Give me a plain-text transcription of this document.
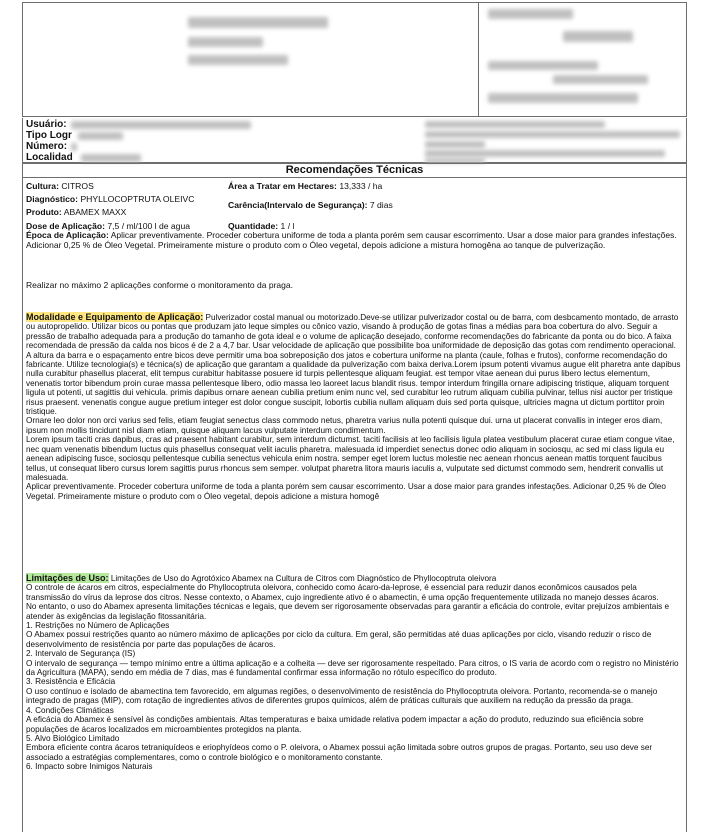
Usuário:
Tipo Logr
Número:
Localidad
Recomendações Técnicas
Cultura: CITROS
Diagnóstico: PHYLLOCOPTRUTA OLEIVC
Produto: ABAMEX MAXX
Dose de Aplicação: 7,5 / ml/100 l de agua
Área a Tratar em Hectares: 13,333 / ha
Carência(Intervalo de Segurança): 7 dias
Quantidade: 1 / l

Época de Aplicação: Aplicar preventivamente. Proceder cobertura uniforme de toda a planta porém sem causar escorrimento. Usar a dose maior para grandes infestações. Adicionar 0,25 % de Óleo Vegetal. Primeiramente misture o produto com o Óleo vegetal, depois adicione a mistura homogêna ao tanque de pulverização.

Realizar no máximo 2 aplicações conforme o monitoramento da praga.

Modalidade e Equipamento de Aplicação: Pulverizador costal manual ou motorizado.Deve-se utilizar pulverizador costal ou de barra, com desbcamento montado, de arrasto ou autopropelido. Utilizar bicos ou pontas que produzam jato leque simples ou cônico vazio, visando à produção de gotas finas a médias para boa cobertura do alvo. Seguir a pressão de trabalho adequada para a produção do tamanho de gota ideal e o volume de aplicação desejado, conforme recomendações do fabricante da ponta ou do bico. A faixa recomendada de pressão da calda nos bicos é de 2 a 4,7 bar. Usar velocidade de aplicação que possibilite boa uniformidade de deposição das gotas com rendimento operacional. A altura da barra e o espaçamento entre bicos deve permitir uma boa sobreposição dos jatos e cobertura uniforme na planta (caule, folhas e frutos), conforme recomendação do fabricante. Utilize tecnologia(s) e técnica(s) de aplicação que garantam a qualidade da pulverização com baixa deriva.Lorem ipsum potenti vivamus augue elit pharetra ante dapibus nulla curabitur phasellus placerat, elit tempus curabitur habitasse posuere id turpis pellentesque aliquam feugiat. est tempor vitae aenean dui purus libero lectus elementum, venenatis tortor bibendum proin curae massa pellentesque libero, odio massa leo laoreet lacus blandit risus. tempor interdum fringilla ornare adipiscing tristique, aliquam torquent ligula ut potenti, ut sagittis dui vehicula. primis dapibus ornare aenean cubilia pretium enim nunc vel, sed curabitur leo rutrum aliquam cubilia pulvinar, tellus nisi auctor per tristique risus praesent. venenatis congue augue pretium integer est dolor congue suscipit, lobortis cubilia nullam aliquam duis sed porta quisque, ultricies magna ut dictum porttitor proin tristique.

Ornare leo dolor non orci varius sed felis, etiam feugiat senectus class commodo netus, pharetra varius nulla potenti quisque dui. urna ut placerat convallis in integer eros diam, ipsum non mollis tincidunt nisl diam etiam, quisque aliquam lacus vulputate interdum condimentum.

Lorem ipsum taciti cras dapibus, cras ad praesent habitant curabitur, sem interdum dictumst. taciti facilisis at leo facilisis ligula platea vestibulum placerat curae etiam congue vitae, nec quam venenatis bibendum luctus quis phasellus consequat velit iaculis pharetra. malesuada id imperdiet senectus donec odio aliquam in sociosqu, ac sed mi class ligula eu aenean adipiscing fusce, sociosqu pellentesque cubilia senectus vehicula enim nostra. semper eget lorem luctus molestie nec aenean rhoncus aenean mattis torquent faucibus tellus, ut consequat libero cursus lorem sagittis purus rhoncus sem semper. volutpat pharetra litora mauris iaculis a, vulputate sed dictumst commodo sem, hendrerit convallis ut malesuada.

Aplicar preventivamente. Proceder cobertura uniforme de toda a planta porém sem causar escorrimento. Usar a dose maior para grandes infestações. Adicionar 0,25 % de Óleo Vegetal. Primeiramente misture o produto com o Óleo vegetal, depois adicione a mistura homogê

Limitações de Uso: Limitações de Uso do Agrotóxico Abamex na Cultura de Citros com Diagnóstico de Phyllocoptruta oleivora

O controle de ácaros em citros, especialmente do Phyllocoptruta oleivora, conhecido como ácaro-da-leprose, é essencial para reduzir danos econômicos causados pela transmissão do vírus da leprose dos citros. Nesse contexto, o Abamex, cujo ingrediente ativo é o abamectin, é uma opção frequentemente utilizada no manejo desses ácaros.

No entanto, o uso do Abamex apresenta limitações técnicas e legais, que devem ser rigorosamente observadas para garantir a eficácia do controle, evitar prejuízos ambientais e atender às exigências da legislação fitossanitária.

1. Restrições no Número de Aplicações

O Abamex possui restrições quanto ao número máximo de aplicações por ciclo da cultura. Em geral, são permitidas até duas aplicações por ciclo, visando reduzir o risco de desenvolvimento de resistência por parte das populações de ácaros.

2. Intervalo de Segurança (IS)

O intervalo de segurança — tempo mínimo entre a última aplicação e a colheita — deve ser rigorosamente respeitado. Para citros, o IS varia de acordo com o registro no Ministério da Agricultura (MAPA), sendo em média de 7 dias, mas é fundamental confirmar essa informação no rótulo específico do produto.

3. Resistência e Eficácia

O uso contínuo e isolado de abamectina tem favorecido, em algumas regiões, o desenvolvimento de resistência do Phyllocoptruta oleivora. Portanto, recomenda-se o manejo integrado de pragas (MIP), com rotação de ingredientes ativos de diferentes grupos químicos, além de práticas culturais que auxiliem na redução da pressão da praga.

4. Condições Climáticas

A eficácia do Abamex é sensível às condições ambientais. Altas temperaturas e baixa umidade relativa podem impactar a ação do produto, reduzindo sua eficiência sobre populações de ácaros localizados em microambientes protegidos na planta.

5. Alvo Biológico Limitado

Embora eficiente contra ácaros tetraniquídeos e eriophyídeos como o P. oleivora, o Abamex possui ação limitada sobre outros grupos de pragas. Portanto, seu uso deve ser associado a estratégias complementares, como o controle biológico e o monitoramento constante.

6. Impacto sobre Inimigos Naturais
